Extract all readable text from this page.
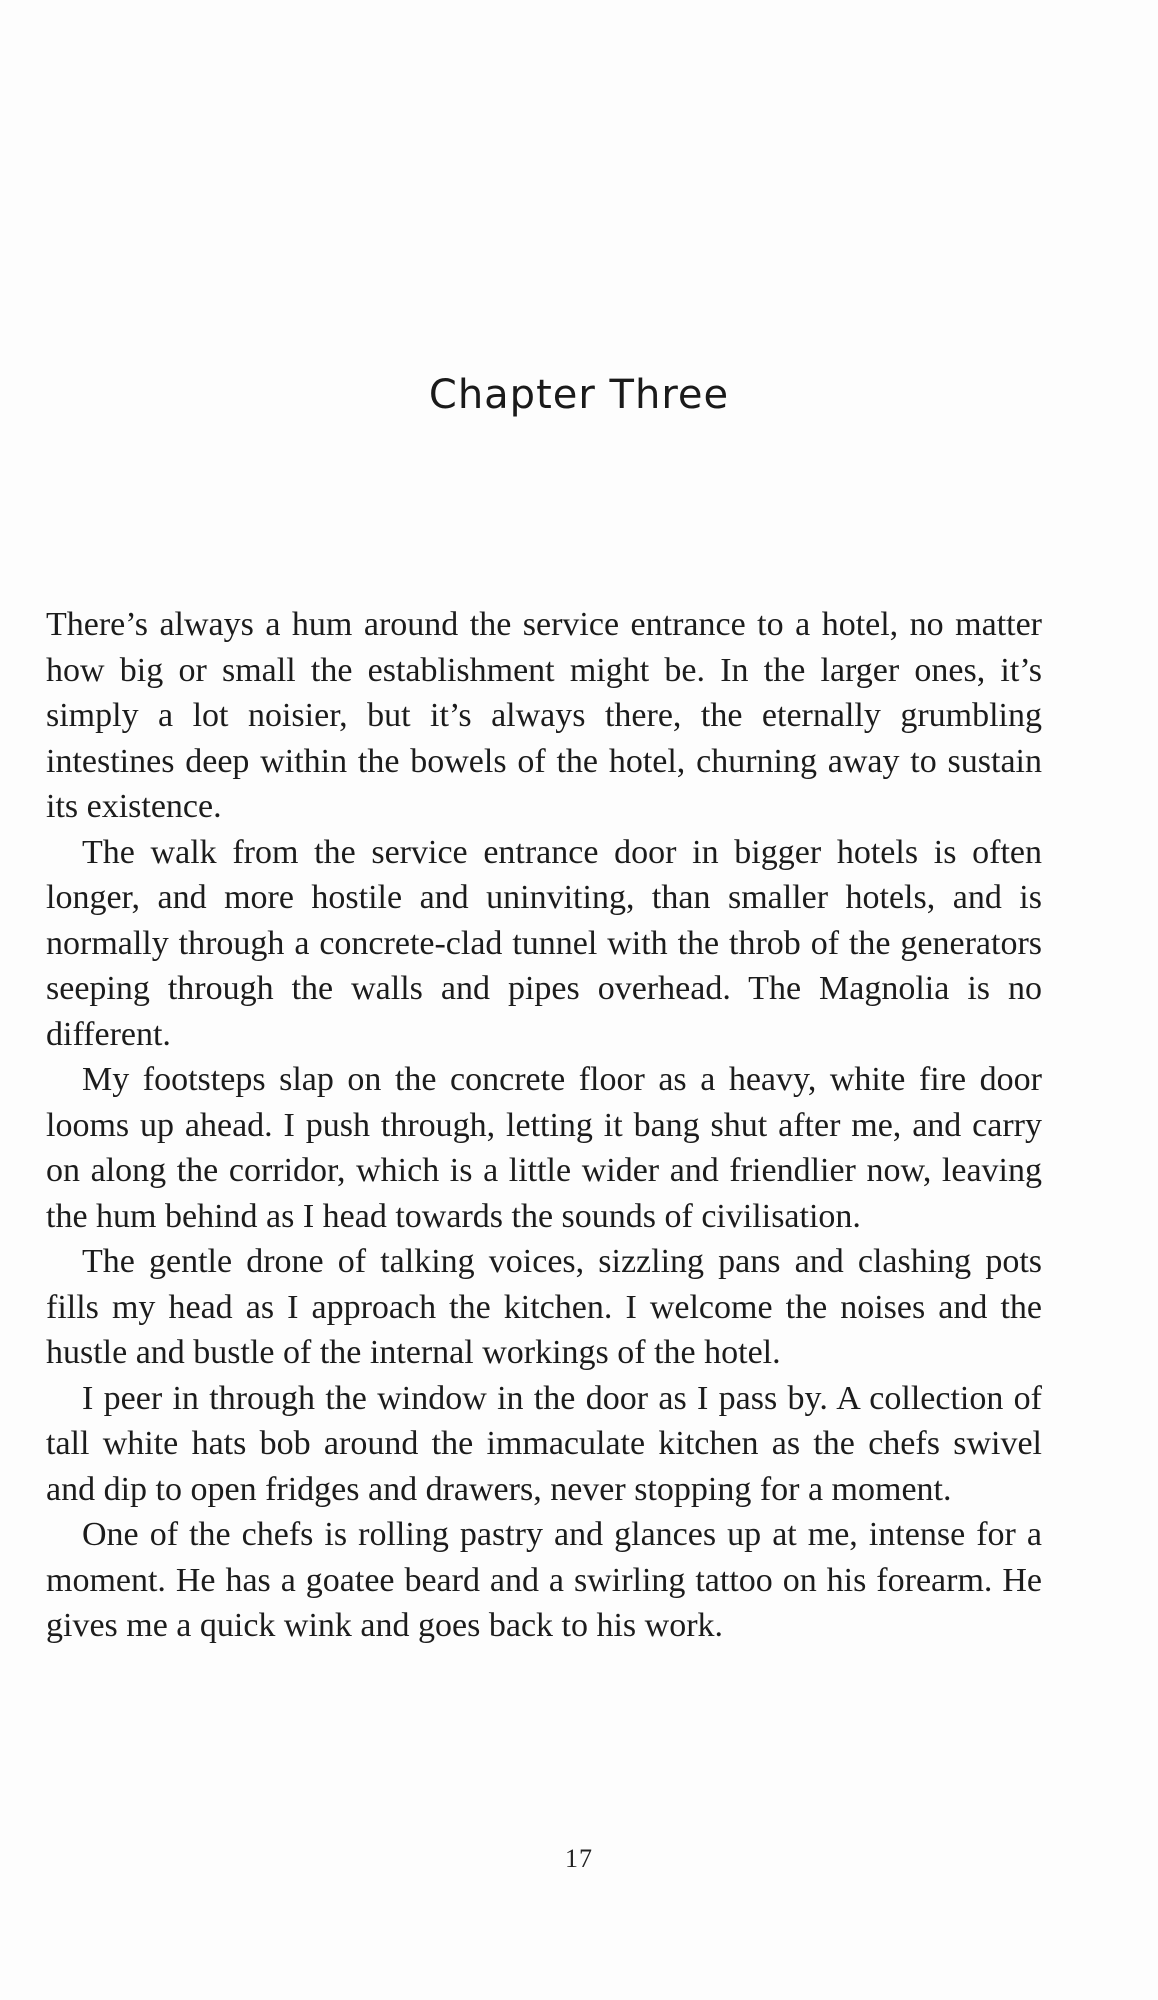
Chapter Three

There’s always a hum around the service entrance to a hotel, no matter how big or small the establishment might be. In the larger ones, it’s simply a lot noisier, but it’s always there, the eternally grumbling intestines deep within the bowels of the hotel, churning away to sustain its existence.

The walk from the service entrance door in bigger hotels is often longer, and more hostile and uninviting, than smaller hotels, and is normally through a concrete-clad tunnel with the throb of the generators seeping through the walls and pipes overhead. The Magnolia is no different.

My footsteps slap on the concrete floor as a heavy, white fire door looms up ahead. I push through, letting it bang shut after me, and carry on along the corridor, which is a little wider and friendlier now, leaving the hum behind as I head towards the sounds of civilisation.

The gentle drone of talking voices, sizzling pans and clashing pots fills my head as I approach the kitchen. I welcome the noises and the hustle and bustle of the internal workings of the hotel.

I peer in through the window in the door as I pass by. A collection of tall white hats bob around the immaculate kitchen as the chefs swivel and dip to open fridges and drawers, never stopping for a moment.

One of the chefs is rolling pastry and glances up at me, intense for a moment. He has a goatee beard and a swirling tattoo on his forearm. He gives me a quick wink and goes back to his work.

17
